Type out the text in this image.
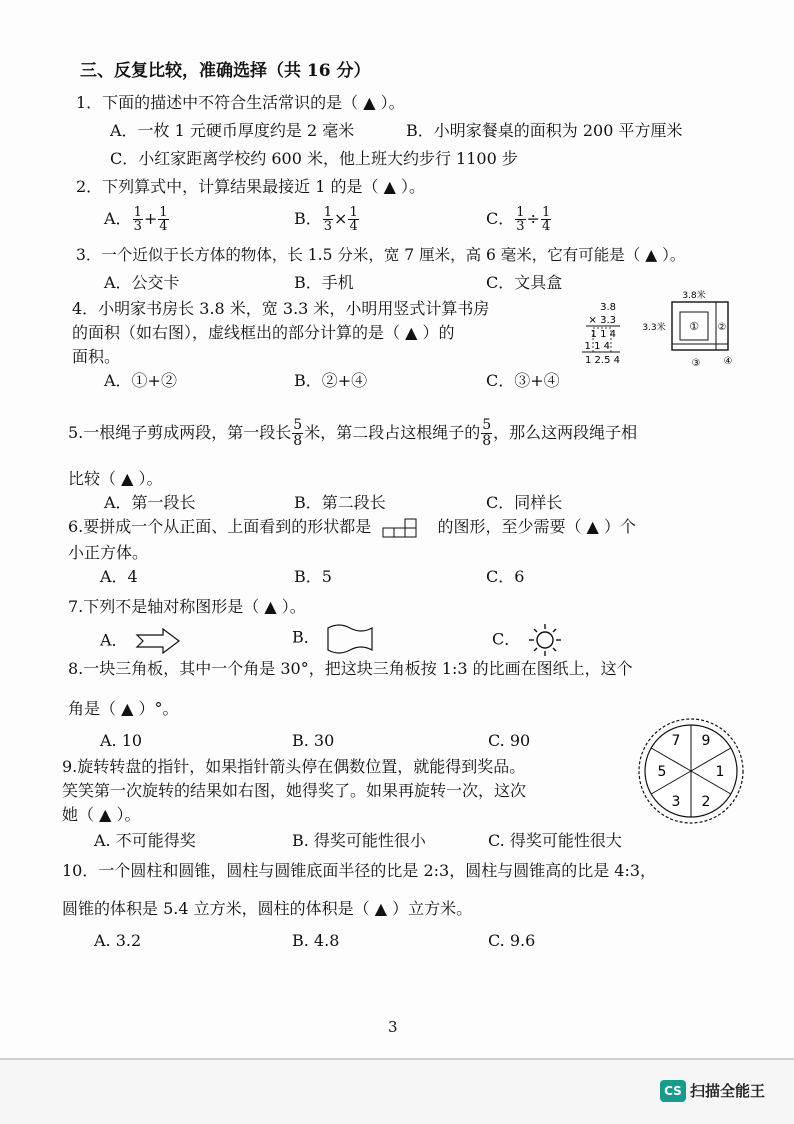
三、反复比较，准确选择（共 16 分）
1．下面的描述中不符合生活常识的是（ ▲ ）。
A．一枚 1 元硬币厚度约是 2 毫米	B．小明家餐桌的面积为 200 平方厘米
C．小红家距离学校约 600 米，他上班大约步行 1100 步
2．下列算式中，计算结果最接近 1 的是（ ▲ ）。
A． $\frac{1}{3} + \frac{1}{4}$	B． $\frac{1}{3} \times \frac{1}{4}$	C． $\frac{1}{3} \div \frac{1}{4}$
3．一个近似于长方体的物体，长 1.5 分米，宽 7 厘米，高 6 毫米，它有可能是（ ▲ ）。
A．公交卡	B．手机	C．文具盒
4．小明家书房长 3.8 米，宽 3.3 米，小明用竖式计算书房
的面积（如右图），虚线框出的部分计算的是（ ▲ ）的
面积。
A．①+②	B．②+④	C．③+④
3.8
× 3.3
1 1 4
1 1 4
1 2.5 4
3.8米
3.3米 ① ②
③ ④
5.一根绳子剪成两段，第一段长 $\frac{5}{8}$ 米，第二段占这根绳子的 $\frac{5}{8}$ ，那么这两段绳子相
比较（ ▲ ）。
A．第一段长	B．第二段长	C．同样长
6.要拼成一个从正面、上面看到的形状都是	的图形，至少需要（ ▲ ）个
小正方体。
A．4	B．5	C．6
7.下列不是轴对称图形是（ ▲ ）。
A．	B．	C．
8.一块三角板，其中一个角是 30°，把这块三角板按 1:3 的比画在图纸上，这个
角是（ ▲ ）°。
A. 10	B. 30	C. 90
9.旋转转盘的指针，如果指针箭头停在偶数位置，就能得到奖品。
笑笑第一次旋转的结果如右图，她得奖了。如果再旋转一次，这次
她（ ▲ ）。
A. 不可能得奖	B. 得奖可能性很小	C. 得奖可能性很大
7 9
1
2
3
5
10．一个圆柱和圆锥，圆柱与圆锥底面半径的比是 2:3，圆柱与圆锥高的比是 4:3，
圆锥的体积是 5.4 立方米，圆柱的体积是（ ▲ ）立方米。
A. 3.2	B. 4.8	C. 9.6
3
CS 扫描全能王
